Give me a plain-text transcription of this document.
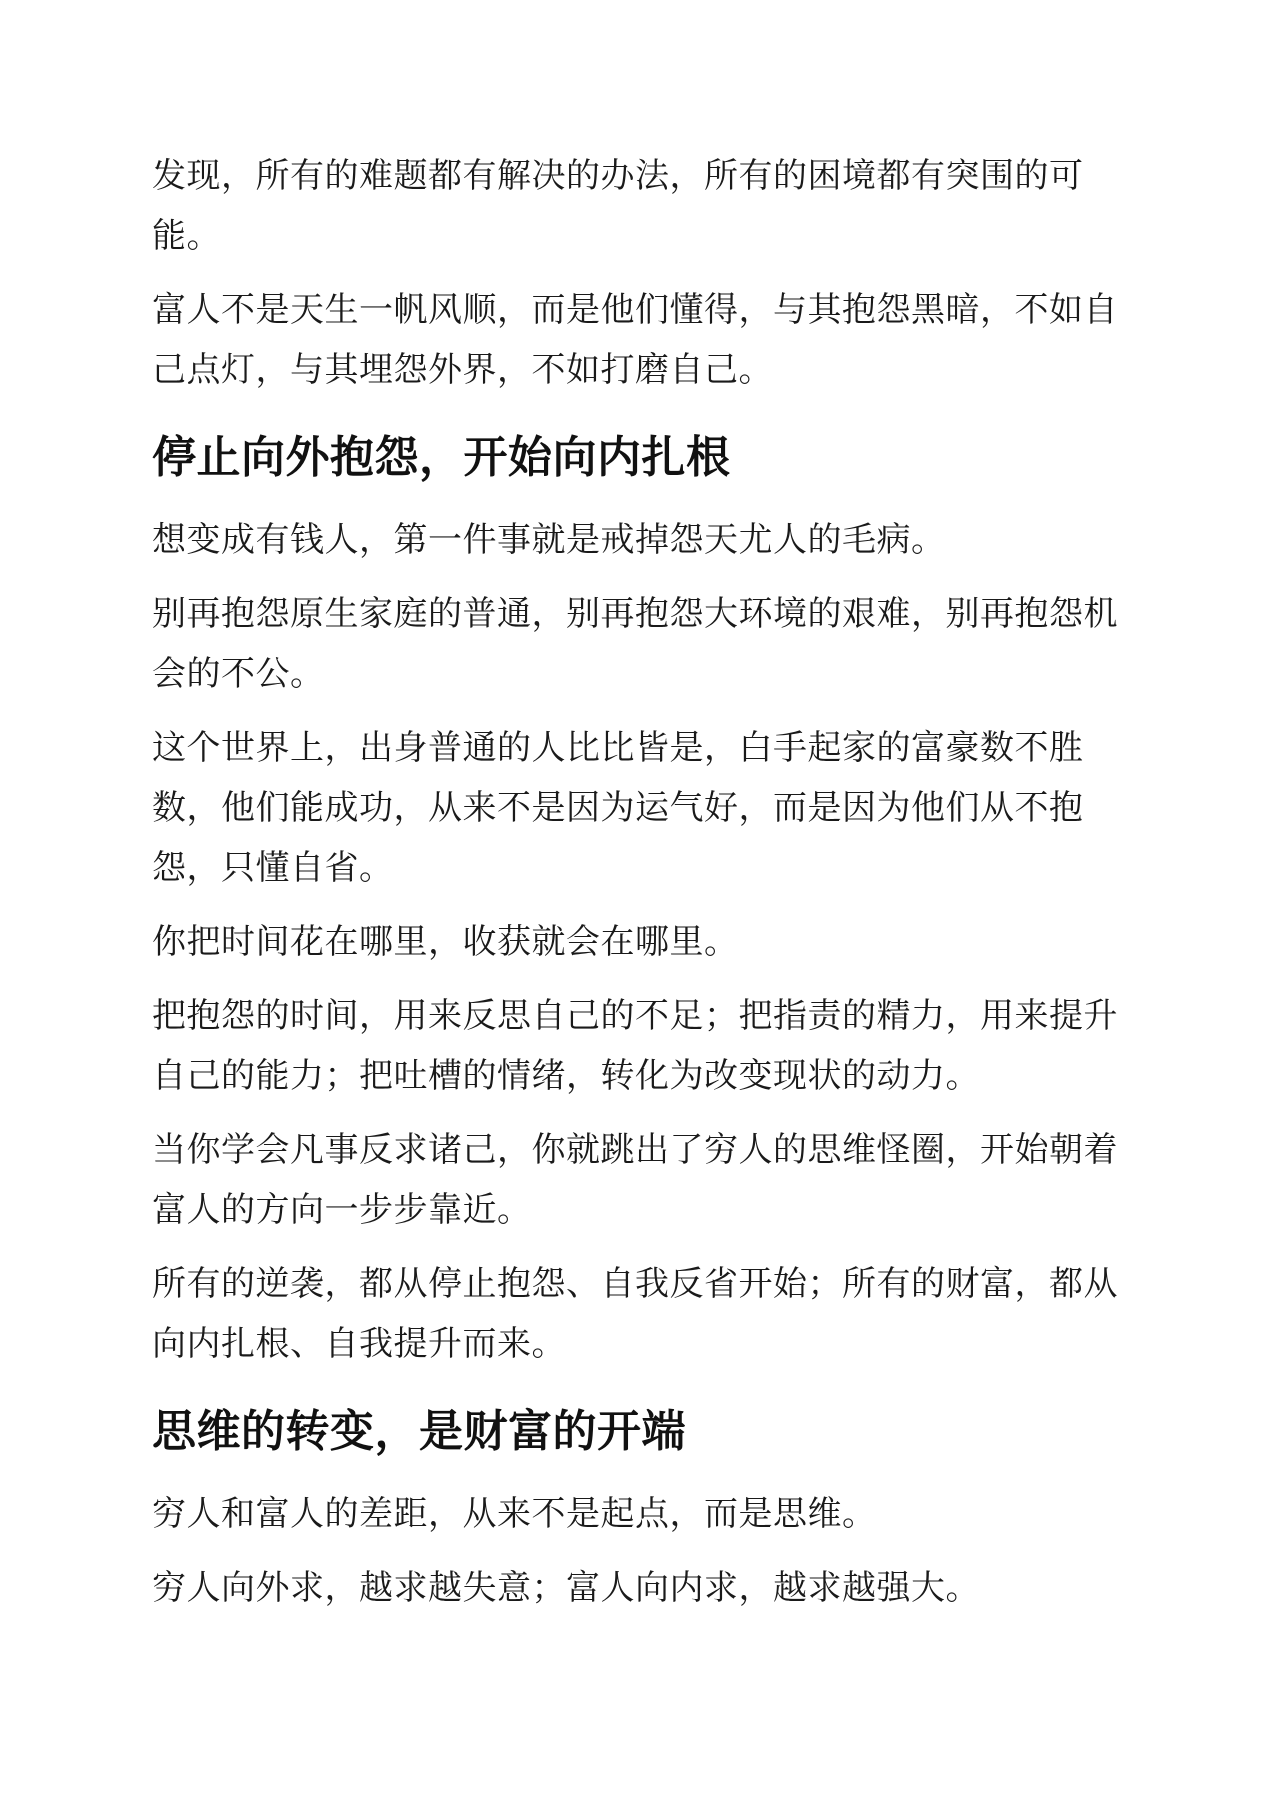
发现，所有的难题都有解决的办法，所有的困境都有突围的可能。

富人不是天生一帆风顺，而是他们懂得，与其抱怨黑暗，不如自己点灯，与其埋怨外界，不如打磨自己。

停止向外抱怨，开始向内扎根

想变成有钱人，第一件事就是戒掉怨天尤人的毛病。

别再抱怨原生家庭的普通，别再抱怨大环境的艰难，别再抱怨机会的不公。

这个世界上，出身普通的人比比皆是，白手起家的富豪数不胜数，他们能成功，从来不是因为运气好，而是因为他们从不抱怨，只懂自省。

你把时间花在哪里，收获就会在哪里。

把抱怨的时间，用来反思自己的不足；把指责的精力，用来提升自己的能力；把吐槽的情绪，转化为改变现状的动力。

当你学会凡事反求诸己，你就跳出了穷人的思维怪圈，开始朝着富人的方向一步步靠近。

所有的逆袭，都从停止抱怨、自我反省开始；所有的财富，都从向内扎根、自我提升而来。

思维的转变，是财富的开端

穷人和富人的差距，从来不是起点，而是思维。

穷人向外求，越求越失意；富人向内求，越求越强大。
